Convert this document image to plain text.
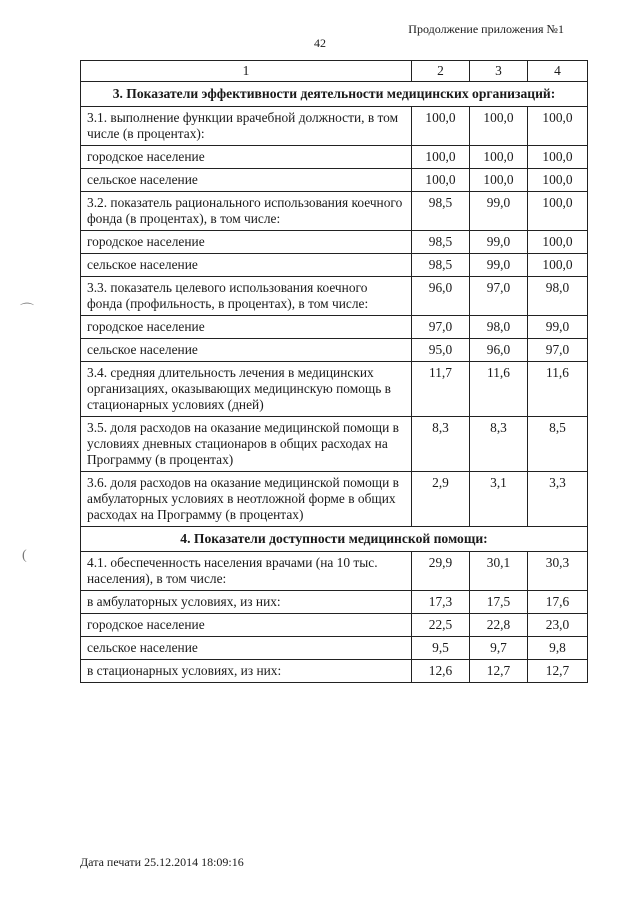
Продолжение приложения №1
42
⌒
(
1	2	3	4
3. Показатели эффективности деятельности медицинских организаций:			
3.1. выполнение функции врачебной должности, в том числе (в процентах):	100,0	100,0	100,0
городское население	100,0	100,0	100,0
сельское население	100,0	100,0	100,0
3.2. показатель рационального использования коечного фонда (в процентах), в том числе:	98,5	99,0	100,0
городское население	98,5	99,0	100,0
сельское население	98,5	99,0	100,0
3.3. показатель целевого использования коечного фонда (профильность, в процентах), в том числе:	96,0	97,0	98,0
городское население	97,0	98,0	99,0
сельское население	95,0	96,0	97,0
3.4. средняя длительность лечения в медицинских организациях, оказывающих медицинскую помощь в стационарных условиях (дней)	11,7	11,6	11,6
3.5. доля расходов на оказание медицинской помощи в условиях дневных стационаров в общих расходах на Программу (в процентах)	8,3	8,3	8,5
3.6. доля расходов на оказание медицинской помощи в амбулаторных условиях в неотложной форме в общих расходах на Программу (в процентах)	2,9	3,1	3,3
4. Показатели доступности медицинской помощи:			
4.1. обеспеченность населения врачами (на 10 тыс. населения), в том числе:	29,9	30,1	30,3
в амбулаторных условиях, из них:	17,3	17,5	17,6
городское население	22,5	22,8	23,0
сельское население	9,5	9,7	9,8
в стационарных условиях, из них:	12,6	12,7	12,7
Дата печати 25.12.2014 18:09:16
